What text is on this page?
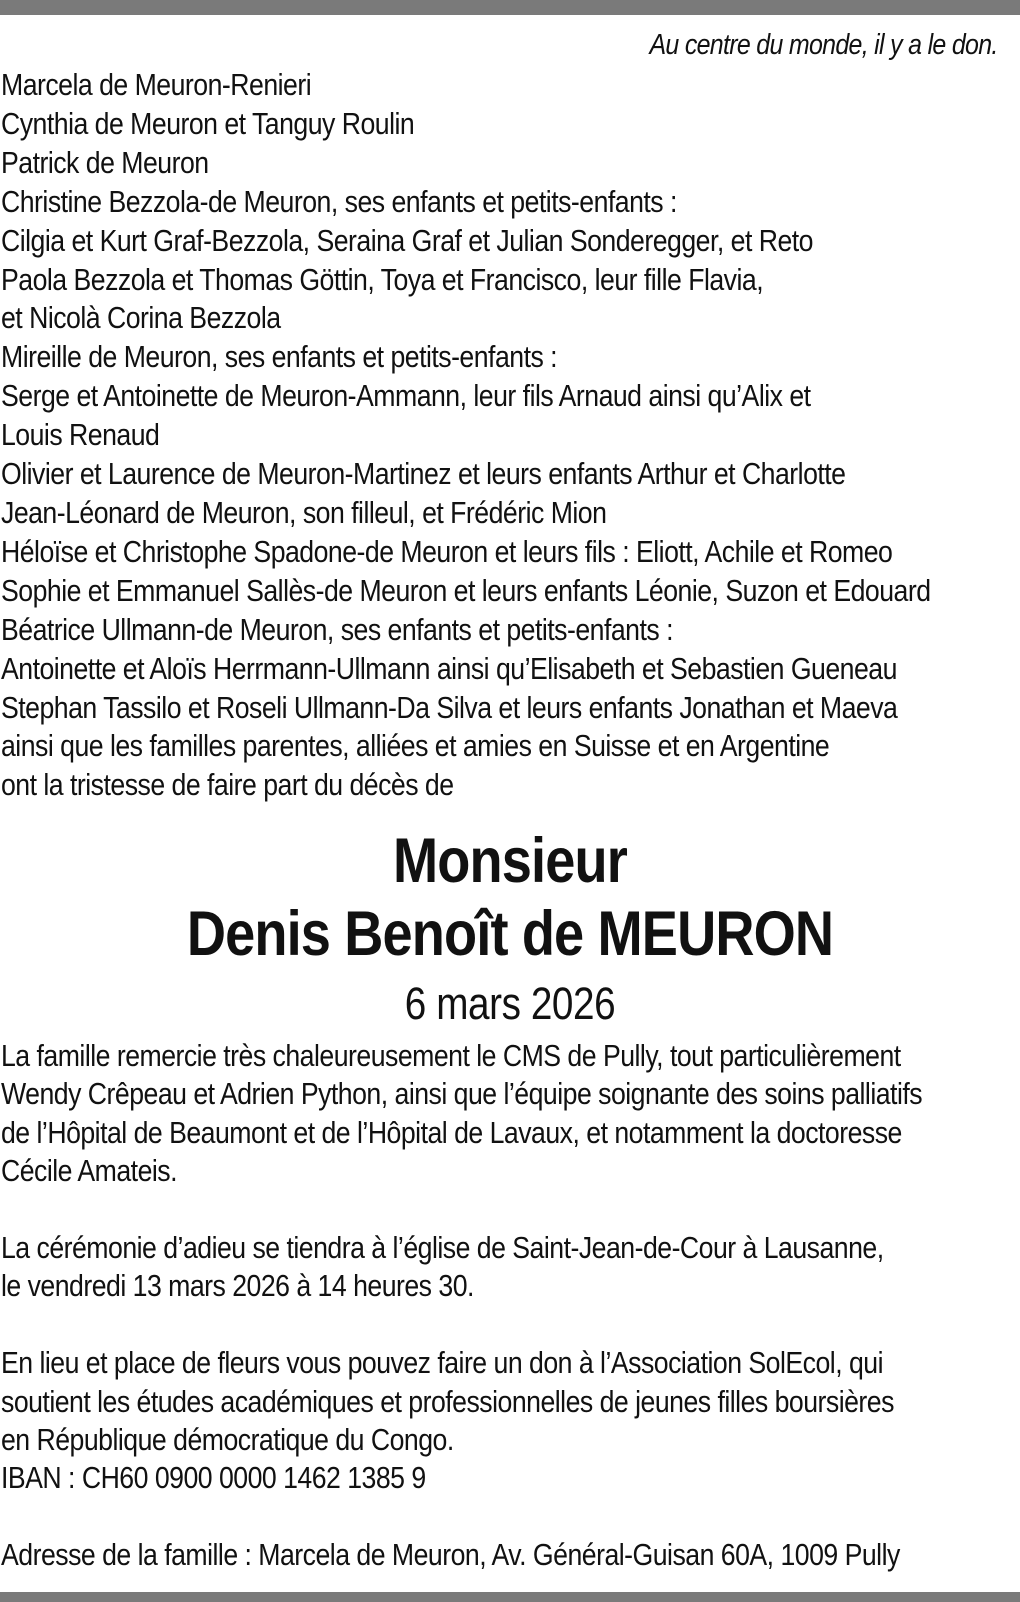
Au centre du monde, il y a le don.
Marcela de Meuron-Renieri
Cynthia de Meuron et Tanguy Roulin
Patrick de Meuron
Christine Bezzola-de Meuron, ses enfants et petits-enfants :
Cilgia et Kurt Graf-Bezzola, Seraina Graf et Julian Sonderegger, et Reto
Paola Bezzola et Thomas Göttin, Toya et Francisco, leur fille Flavia,
et Nicolà Corina Bezzola
Mireille de Meuron, ses enfants et petits-enfants :
Serge et Antoinette de Meuron-Ammann, leur fils Arnaud ainsi qu’Alix et
Louis Renaud
Olivier et Laurence de Meuron-Martinez et leurs enfants Arthur et Charlotte
Jean-Léonard de Meuron, son filleul, et Frédéric Mion
Héloïse et Christophe Spadone-de Meuron et leurs fils : Eliott, Achile et Romeo
Sophie et Emmanuel Sallès-de Meuron et leurs enfants Léonie, Suzon et Edouard
Béatrice Ullmann-de Meuron, ses enfants et petits-enfants :
Antoinette et Aloïs Herrmann-Ullmann ainsi qu’Elisabeth et Sebastien Gueneau
Stephan Tassilo et Roseli Ullmann-Da Silva et leurs enfants Jonathan et Maeva
ainsi que les familles parentes, alliées et amies en Suisse et en Argentine
ont la tristesse de faire part du décès de
Monsieur
Denis Benoît de MEURON
6 mars 2026
La famille remercie très chaleureusement le CMS de Pully, tout particulièrement
Wendy Crêpeau et Adrien Python, ainsi que l’équipe soignante des soins palliatifs
de l’Hôpital de Beaumont et de l’Hôpital de Lavaux, et notamment la doctoresse
Cécile Amateis.
La cérémonie d’adieu se tiendra à l’église de Saint-Jean-de-Cour à Lausanne,
le vendredi 13 mars 2026 à 14 heures 30.
En lieu et place de fleurs vous pouvez faire un don à l’Association SolEcol, qui
soutient les études académiques et professionnelles de jeunes filles boursières
en République démocratique du Congo.
IBAN : CH60 0900 0000 1462 1385 9
Adresse de la famille : Marcela de Meuron, Av. Général-Guisan 60A, 1009 Pully
